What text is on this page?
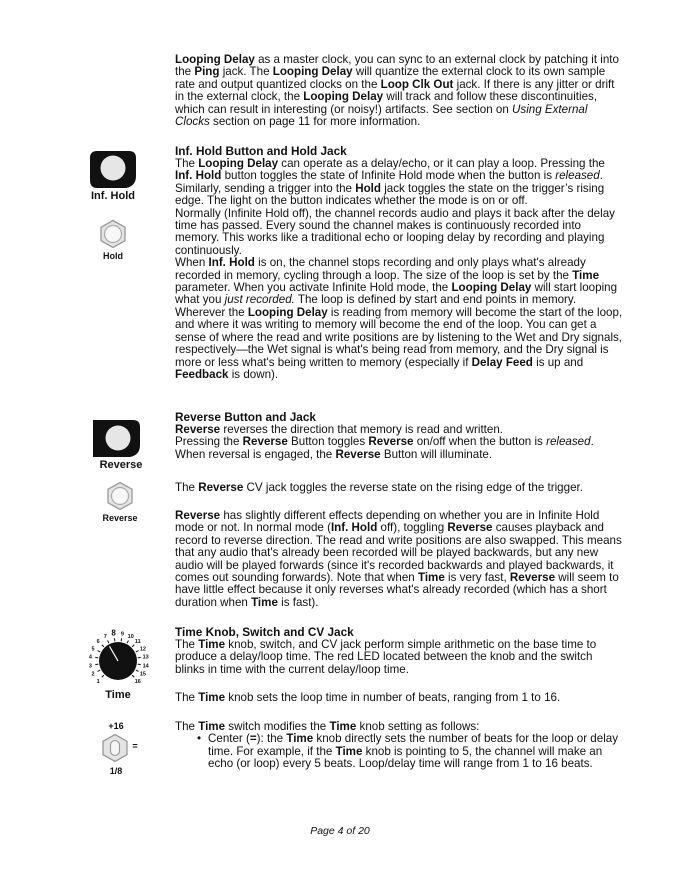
Looping Delay as a master clock, you can sync to an external clock by patching it into the Ping jack. The Looping Delay will quantize the external clock to its own sample rate and output quantized clocks on the Loop Clk Out jack. If there is any jitter or drift in the external clock, the Looping Delay will track and follow these discontinuities, which can result in interesting (or noisy!) artifacts. See section on Using External Clocks section on page 11 for more information.

Inf. Hold Button and Hold Jack

The Looping Delay can operate as a delay/echo, or it can play a loop. Pressing the Inf. Hold button toggles the state of Infinite Hold mode when the button is released. Similarly, sending a trigger into the Hold jack toggles the state on the trigger’s rising edge. The light on the button indicates whether the mode is on or off.

Normally (Infinite Hold off), the channel records audio and plays it back after the delay time has passed. Every sound the channel makes is continuously recorded into memory. This works like a traditional echo or looping delay by recording and playing continuously.

When Inf. Hold is on, the channel stops recording and only plays what's already recorded in memory, cycling through a loop. The size of the loop is set by the Time parameter. When you activate Infinite Hold mode, the Looping Delay will start looping what you just recorded. The loop is defined by start and end points in memory. Wherever the Looping Delay is reading from memory will become the start of the loop, and where it was writing to memory will become the end of the loop. You can get a sense of where the read and write positions are by listening to the Wet and Dry signals, respectively—the Wet signal is what's being read from memory, and the Dry signal is more or less what's being written to memory (especially if Delay Feed is up and Feedback is down).

Inf. Hold
Hold
Reverse Button and Jack

Reverse reverses the direction that memory is read and written.

Pressing the Reverse Button toggles Reverse on/off when the button is released. When reversal is engaged, the Reverse Button will illuminate.

The Reverse CV jack toggles the reverse state on the rising edge of the trigger.

Reverse has slightly different effects depending on whether you are in Infinite Hold mode or not. In normal mode (Inf. Hold off), toggling Reverse causes playback and record to reverse direction. The read and write positions are also swapped. This means that any audio that's already been recorded will be played backwards, but any new audio will be played forwards (since it's recorded backwards and played backwards, it comes out sounding forwards). Note that when Time is very fast, Reverse will seem to have little effect because it only reverses what's already recorded (which has a short duration when Time is fast).

Reverse
Reverse
Time Knob, Switch and CV Jack

The Time knob, switch, and CV jack perform simple arithmetic on the base time to produce a delay/loop time. The red LED located between the knob and the switch blinks in time with the current delay/loop time.

The Time knob sets the loop time in number of beats, ranging from 1 to 16.

The Time switch modifies the Time knob setting as follows:

• Center (=): the Time knob directly sets the number of beats for the loop or delay time. For example, if the Time knob is pointing to 5, the channel will make an echo (or loop) every 5 beats. Loop/delay time will range from 1 to 16 beats.
1
2
3
4
5
6
7 8 9 10
11
12
13
14
15
16
Time
+16
=
1/8
Page 4 of 20
